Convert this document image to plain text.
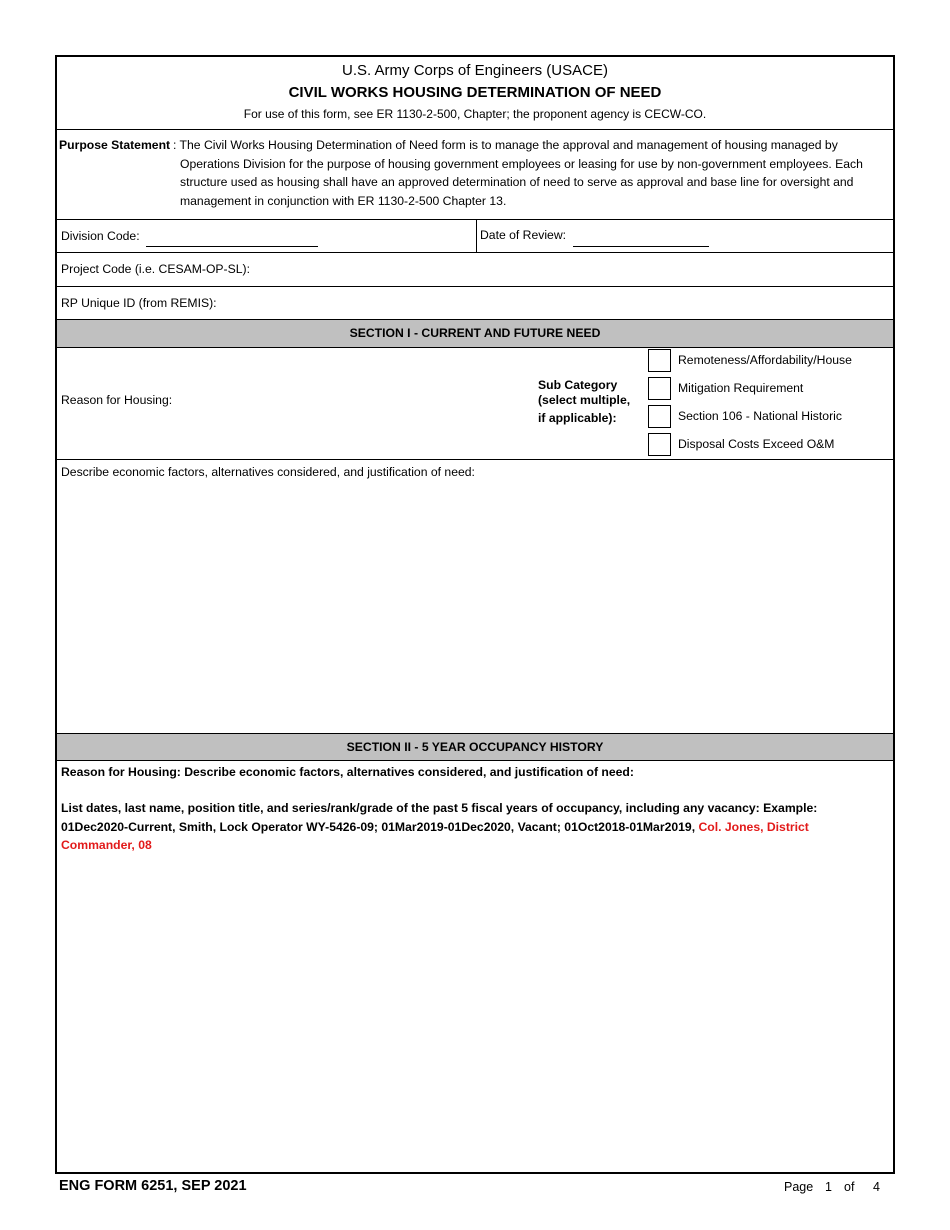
U.S. Army Corps of Engineers (USACE)
CIVIL WORKS HOUSING DETERMINATION OF NEED
For use of this form, see ER 1130-2-500, Chapter; the proponent agency is CECW-CO.
Purpose Statement : The Civil Works Housing Determination of Need form is to manage the approval and management of housing managed by
Operations Division for the purpose of housing government employees or leasing for use by non-government employees. Each
structure used as housing shall have an approved determination of need to serve as approval and base line for oversight and
management in conjunction with ER 1130-2-500 Chapter 13.
Division Code:	Date of Review:
Project Code (i.e. CESAM-OP-SL):
RP Unique ID (from REMIS):
SECTION I - CURRENT AND FUTURE NEED
Reason for Housing:
Sub Category
(select multiple,
if applicable):
Remoteness/Affordability/House
Mitigation Requirement
Section 106 - National Historic
Disposal Costs Exceed O&M
Describe economic factors, alternatives considered, and justification of need:
SECTION II - 5 YEAR OCCUPANCY HISTORY
Reason for Housing: Describe economic factors, alternatives considered, and justification of need:
List dates, last name, position title, and series/rank/grade of the past 5 fiscal years of occupancy, including any vacancy: Example:
01Dec2020-Current, Smith, Lock Operator WY-5426-09; 01Mar2019-01Dec2020, Vacant; 01Oct2018-01Mar2019, Col. Jones, District
Commander, 08
ENG FORM 6251, SEP 2021	Page 1 of 4
